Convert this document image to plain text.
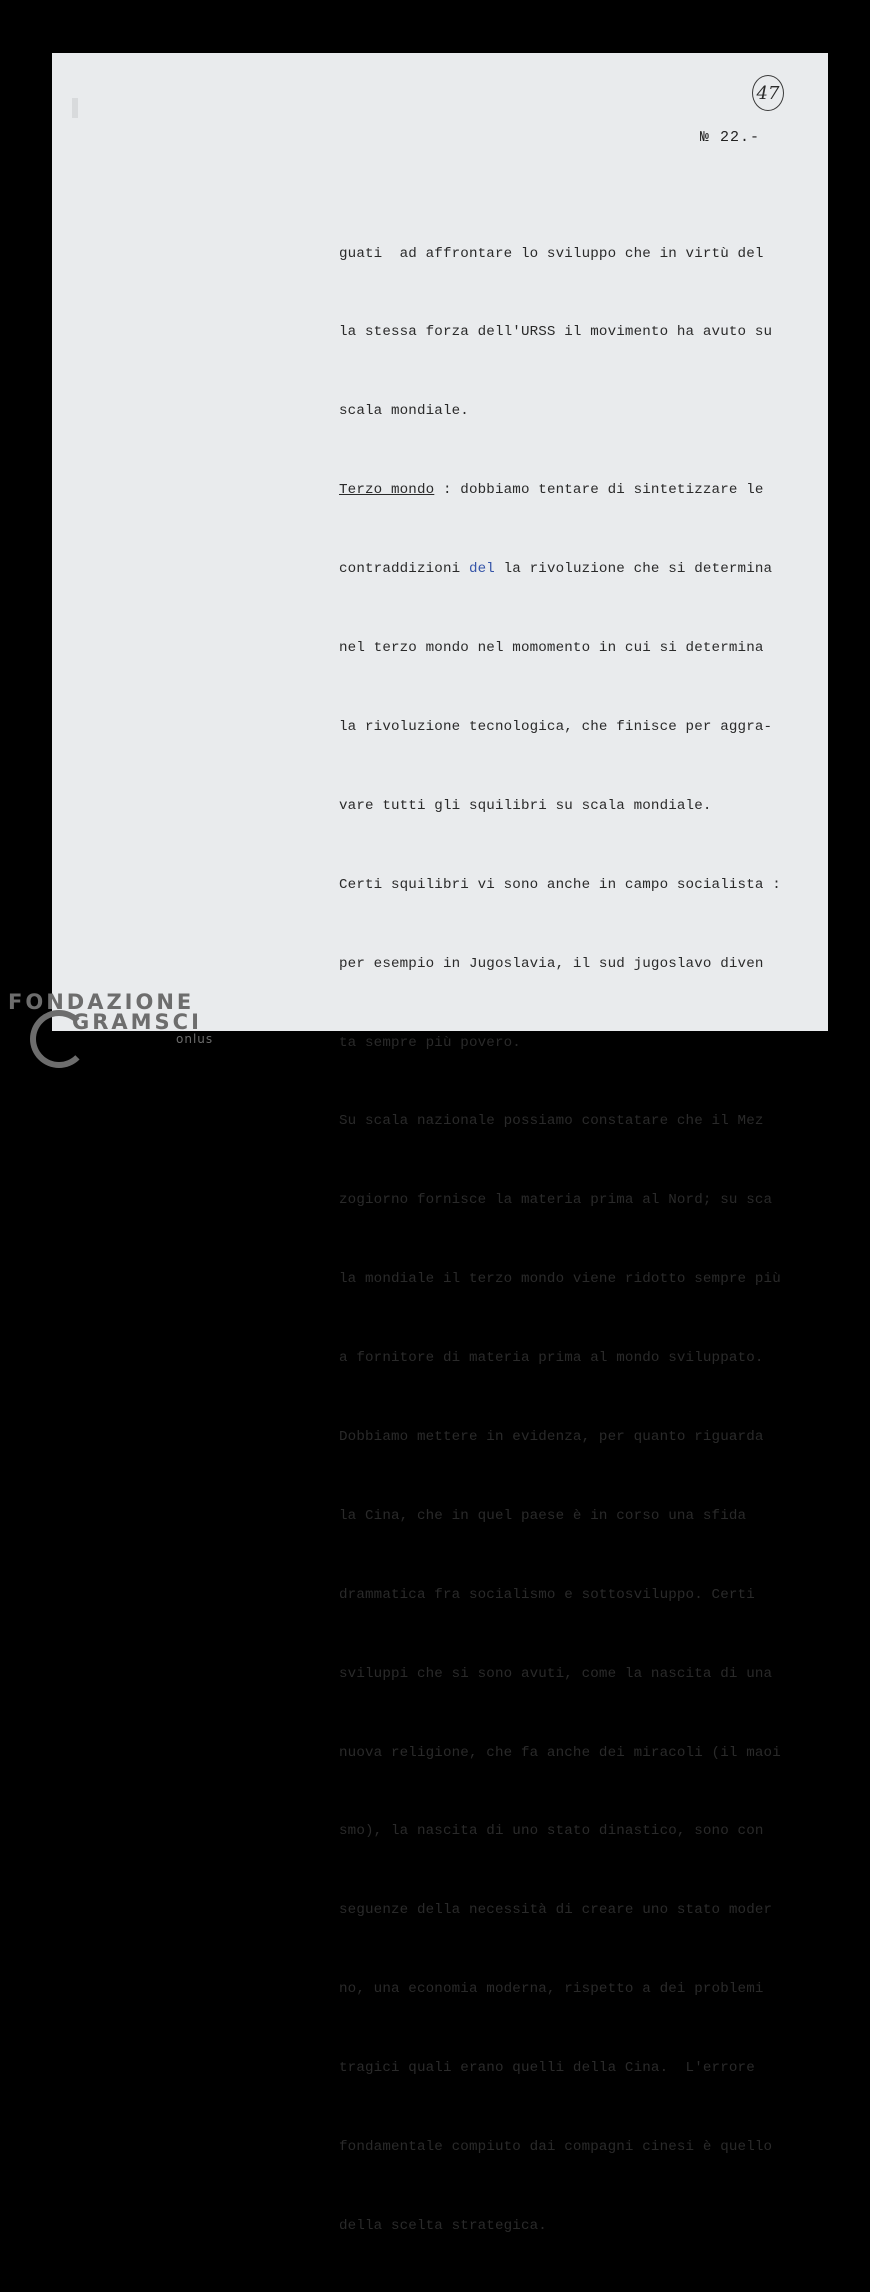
47
№ 22.-

guati  ad affrontare lo sviluppo che in virtù del

la stessa forza dell'URSS il movimento ha avuto su

scala mondiale.

Terzo mondo : dobbiamo tentare di sintetizzare le

contraddizioni del la rivoluzione che si determina

nel terzo mondo nel momomento in cui si determina

la rivoluzione tecnologica, che finisce per aggra-

vare tutti gli squilibri su scala mondiale.

Certi squilibri vi sono anche in campo socialista :

per esempio in Jugoslavia, il sud jugoslavo diven

ta sempre più povero.

Su scala nazionale possiamo constatare che il Mez

zogiorno fornisce la materia prima al Nord; su sca

la mondiale il terzo mondo viene ridotto sempre più

a fornitore di materia prima al mondo sviluppato.

Dobbiamo mettere in evidenza, per quanto riguarda

la Cina, che in quel paese è in corso una sfida

drammatica fra socialismo e sottosviluppo. Certi

sviluppi che si sono avuti, come la nascita di una

nuova religione, che fa anche dei miracoli (il maoi

smo), la nascita di uno stato dinastico, sono con

seguenze della necessità di creare uno stato moder

no, una economia moderna, rispetto a dei problemi

tragici quali erano quelli della Cina.  L'errore

fondamentale compiuto dai compagni cinesi è quello

della scelta strategica.

FONDAZIONE
GRAMSCI
onlus
